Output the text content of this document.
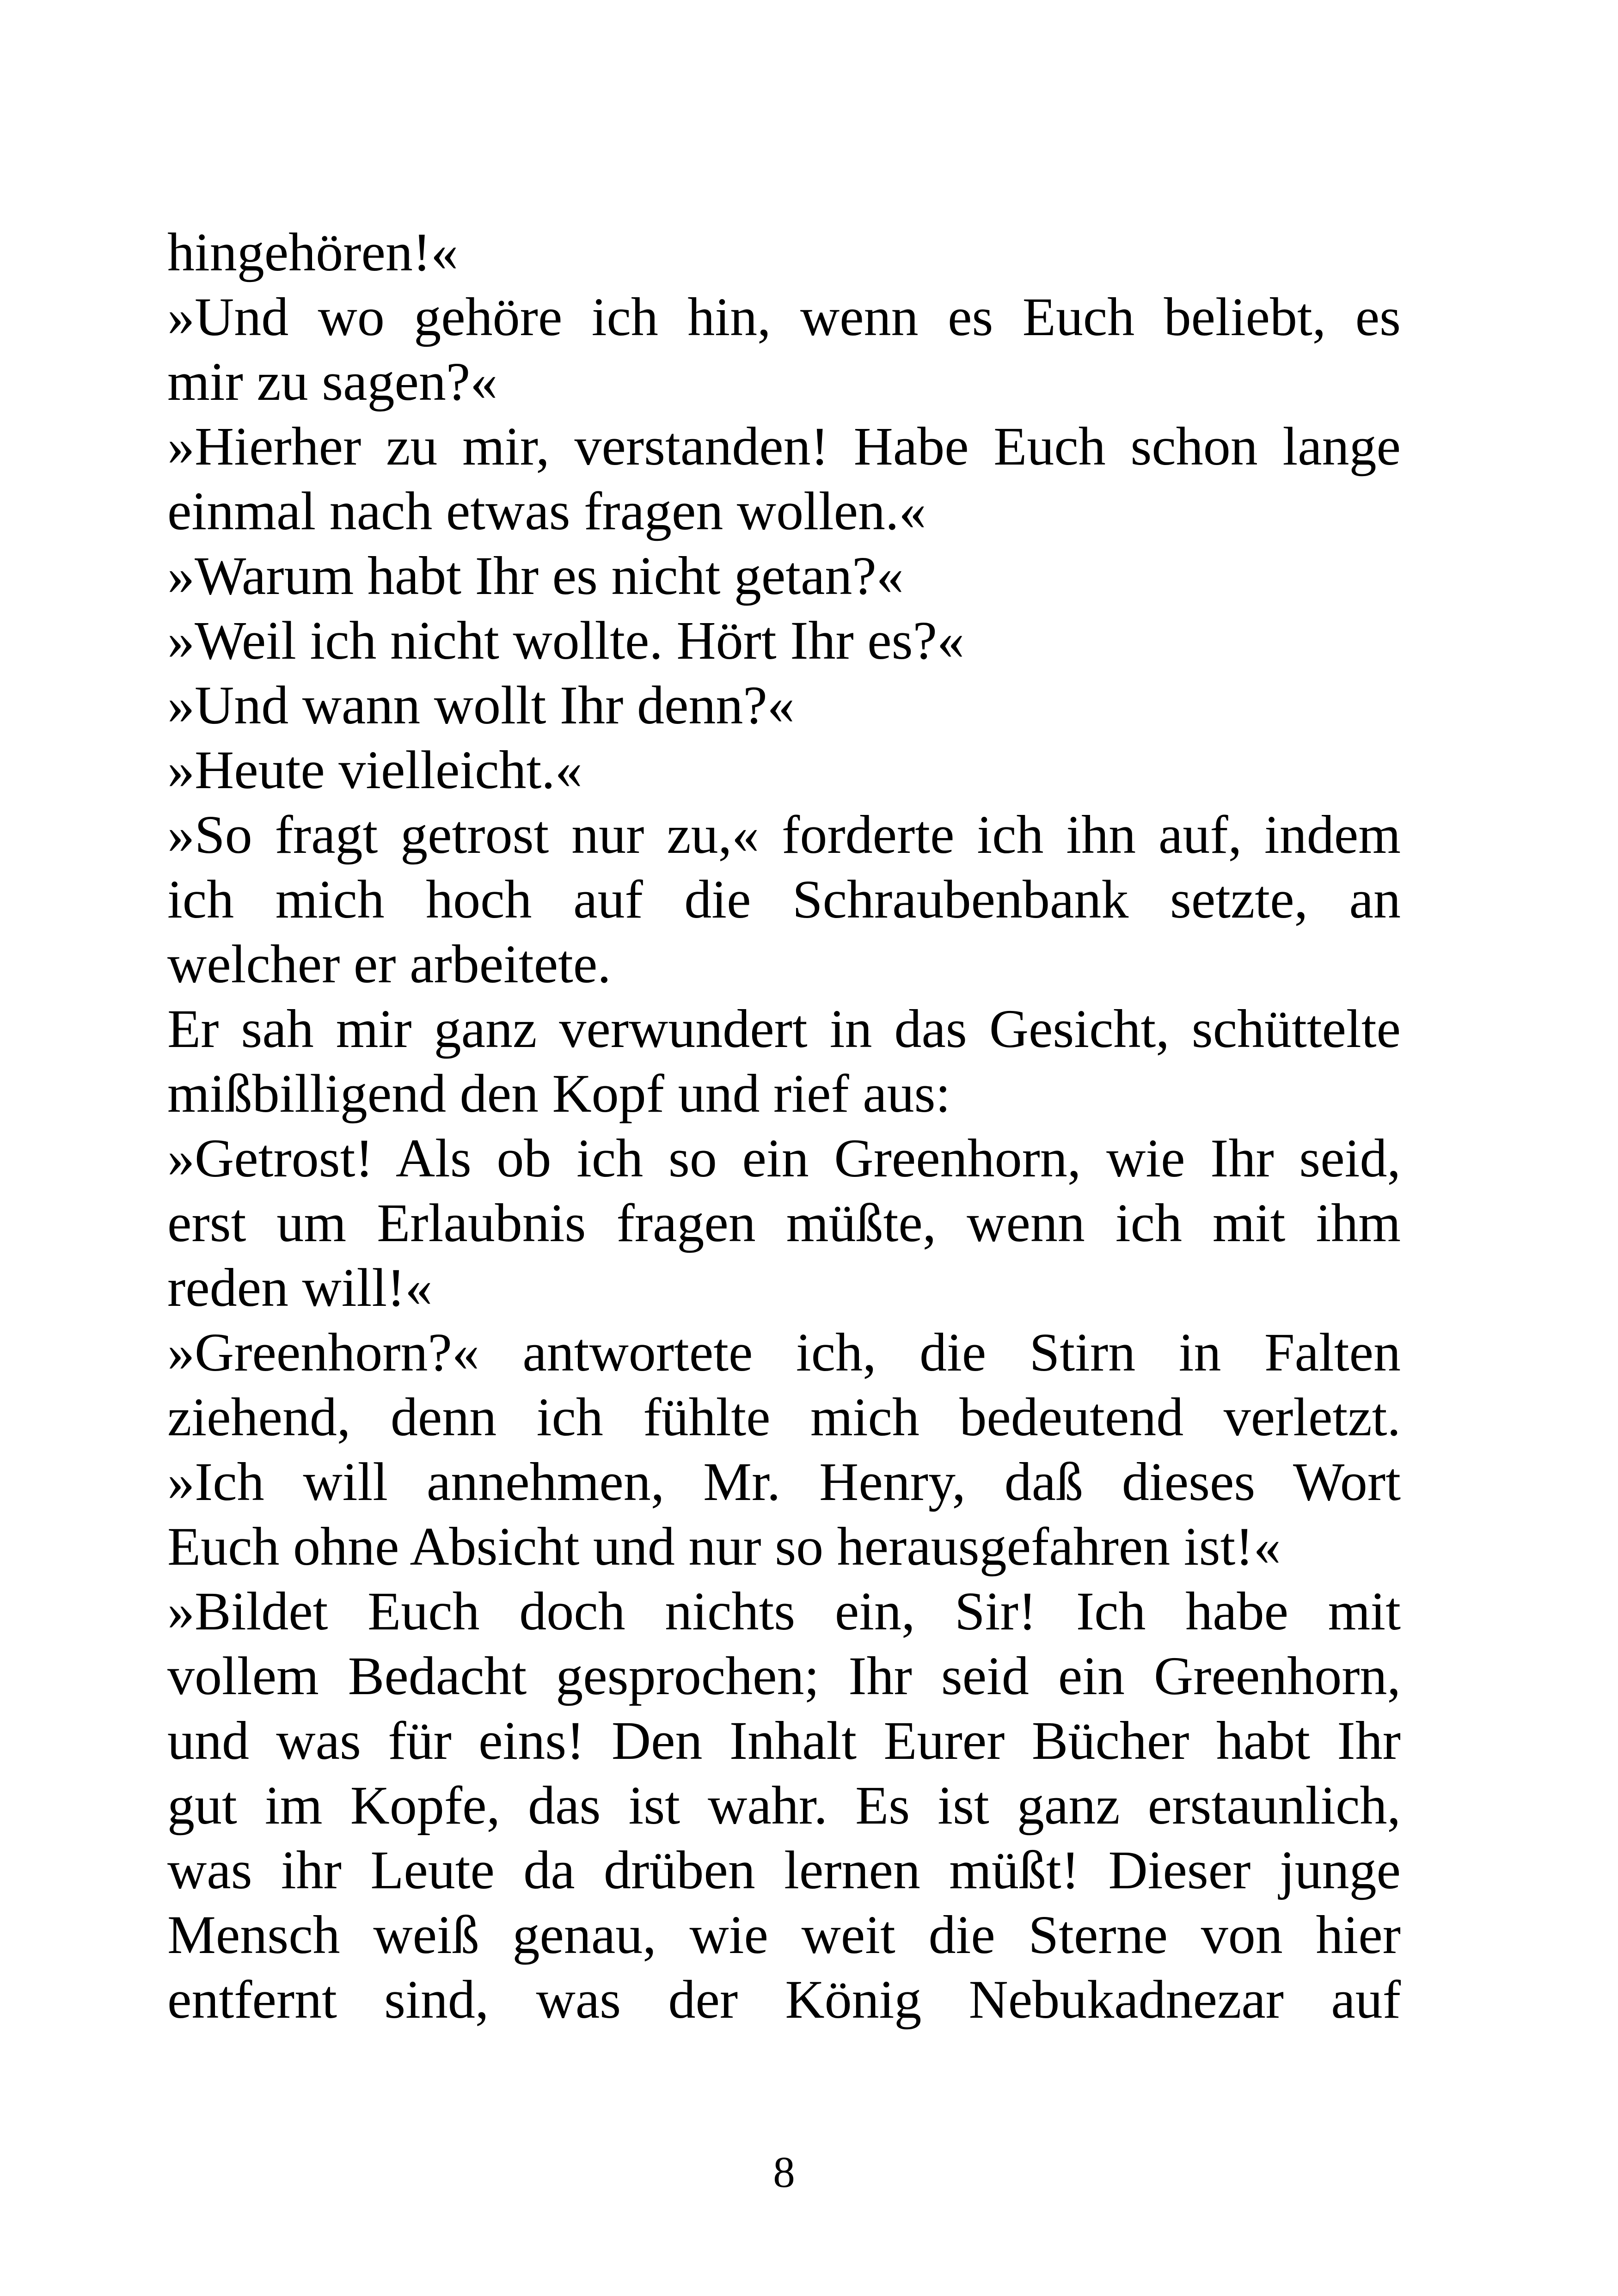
hingehören!«

»Und wo gehöre ich hin, wenn es Euch beliebt, es
mir zu sagen?«

»Hierher zu mir, verstanden! Habe Euch schon lange
einmal nach etwas fragen wollen.«

»Warum habt Ihr es nicht getan?«

»Weil ich nicht wollte. Hört Ihr es?«

»Und wann wollt Ihr denn?«

»Heute vielleicht.«

»So fragt getrost nur zu,« forderte ich ihn auf, indem
ich mich hoch auf die Schraubenbank setzte, an
welcher er arbeitete.

Er sah mir ganz verwundert in das Gesicht, schüttelte
mißbilligend den Kopf und rief aus:

»Getrost! Als ob ich so ein Greenhorn, wie Ihr seid,
erst um Erlaubnis fragen müßte, wenn ich mit ihm
reden will!«

»Greenhorn?« antwortete ich, die Stirn in Falten
ziehend, denn ich fühlte mich bedeutend verletzt.
»Ich will annehmen, Mr. Henry, daß dieses Wort
Euch ohne Absicht und nur so herausgefahren ist!«

»Bildet Euch doch nichts ein, Sir! Ich habe mit
vollem Bedacht gesprochen; Ihr seid ein Greenhorn,
und was für eins! Den Inhalt Eurer Bücher habt Ihr
gut im Kopfe, das ist wahr. Es ist ganz erstaunlich,
was ihr Leute da drüben lernen müßt! Dieser junge
Mensch weiß genau, wie weit die Sterne von hier
entfernt sind, was der König Nebukadnezar auf

8
